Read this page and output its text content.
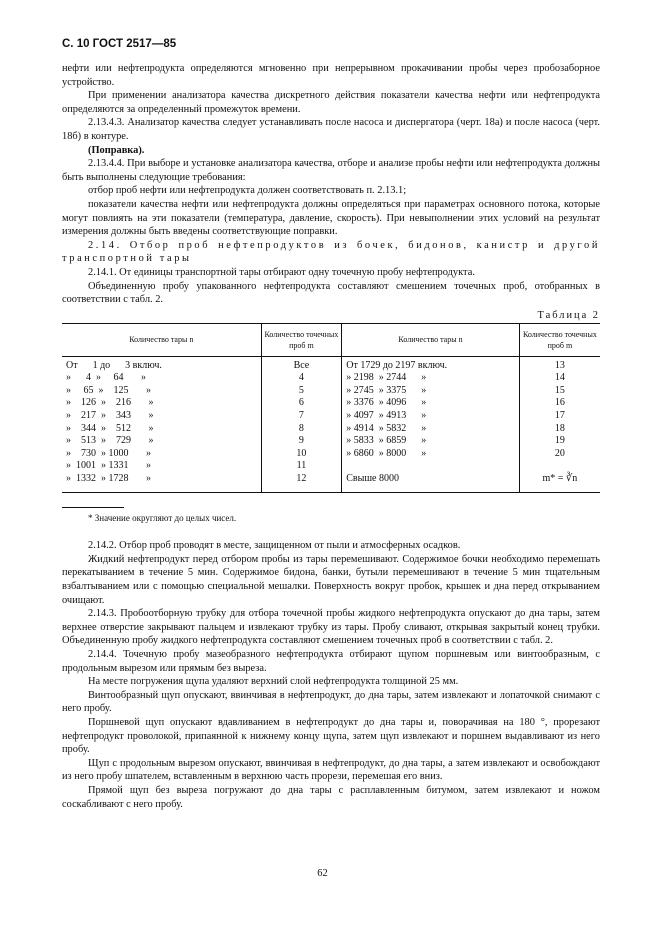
С. 10 ГОСТ 2517—85

нефти или нефтепродукта определяются мгновенно при непрерывном прокачивании пробы через пробозаборное устройство.

При применении анализатора качества дискретного действия показатели качества нефти или нефтепродукта определяются за определенный промежуток времени.

2.13.4.3. Анализатор качества следует устанавливать после насоса и диспергатора (черт. 18а) и после насоса (черт. 18б) в контуре.

(Поправка).

2.13.4.4. При выборе и установке анализатора качества, отборе и анализе пробы нефти или нефтепродукта должны быть выполнены следующие требования:

отбор проб нефти или нефтепродукта должен соответствовать п. 2.13.1;

показатели качества нефти или нефтепродукта должны определяться при параметрах основного потока, которые могут повлиять на эти показатели (температура, давление, скорость). При невыполнении этих условий на результат измерения должны быть введены соответствующие поправки.

2.14. Отбор проб нефтепродуктов из бочек, бидонов, канистр и другой транспортной тары

2.14.1. От единицы транспортной тары отбирают одну точечную пробу нефтепродукта.

Объединенную пробу упакованного нефтепродукта составляют смешением точечных проб, отобранных в соответствии с табл. 2.

Таблица 2
Количество тары n	Количество точечных проб m	Количество тары n	Количество точечных проб m
От      1 до      3 включ.	Все	От 1729 до 2197 включ.	13
»      4  »     64       »	4	» 2198  » 2744      »	14
»     65  »    125       »	5	» 2745  » 3375      »	15
»    126  »    216       »	6	» 3376  » 4096      »	16
»    217  »    343       »	7	» 4097  » 4913      »	17
»    344  »    512       »	8	» 4914  » 5832      »	18
»    513  »    729       »	9	» 5833  » 6859      »	19
»    730  » 1000       »	10	» 6860  » 8000      »	20
»  1001  » 1331       »	11		
»  1332  » 1728       »	12	Свыше 8000	m* = ∛n

* Значение округляют до целых чисел.

2.14.2. Отбор проб проводят в месте, защищенном от пыли и атмосферных осадков.

Жидкий нефтепродукт перед отбором пробы из тары перемешивают. Содержимое бочки необходимо перемешать перекатыванием в течение 5 мин. Содержимое бидона, банки, бутыли перемешивают в течение 5 мин тщательным взбалтыванием или с помощью специальной мешалки. Поверхность вокруг пробок, крышек и дна перед открыванием очищают.

2.14.3. Пробоотборную трубку для отбора точечной пробы жидкого нефтепродукта опускают до дна тары, затем верхнее отверстие закрывают пальцем и извлекают трубку из тары. Пробу сливают, открывая закрытый конец трубки. Объединенную пробу жидкого нефтепродукта составляют смешением точечных проб в соответствии с табл. 2.

2.14.4. Точечную пробу мазеобразного нефтепродукта отбирают щупом поршневым или винтообразным, с продольным вырезом или прямым без выреза.

На месте погружения щупа удаляют верхний слой нефтепродукта толщиной 25 мм.

Винтообразный щуп опускают, ввинчивая в нефтепродукт, до дна тары, затем извлекают и лопаточкой снимают с него пробу.

Поршневой щуп опускают вдавливанием в нефтепродукт до дна тары и, поворачивая на 180 °, прорезают нефтепродукт проволокой, припаянной к нижнему концу щупа, затем щуп извлекают и поршнем выдавливают из него пробу.

Щуп с продольным вырезом опускают, ввинчивая в нефтепродукт, до дна тары, а затем извлекают и освобождают из него пробу шпателем, вставленным в верхнюю часть прорези, перемешая его вниз.

Прямой щуп без выреза погружают до дна тары с расплавленным битумом, затем извлекают и ножом соскабливают с него пробу.

62
